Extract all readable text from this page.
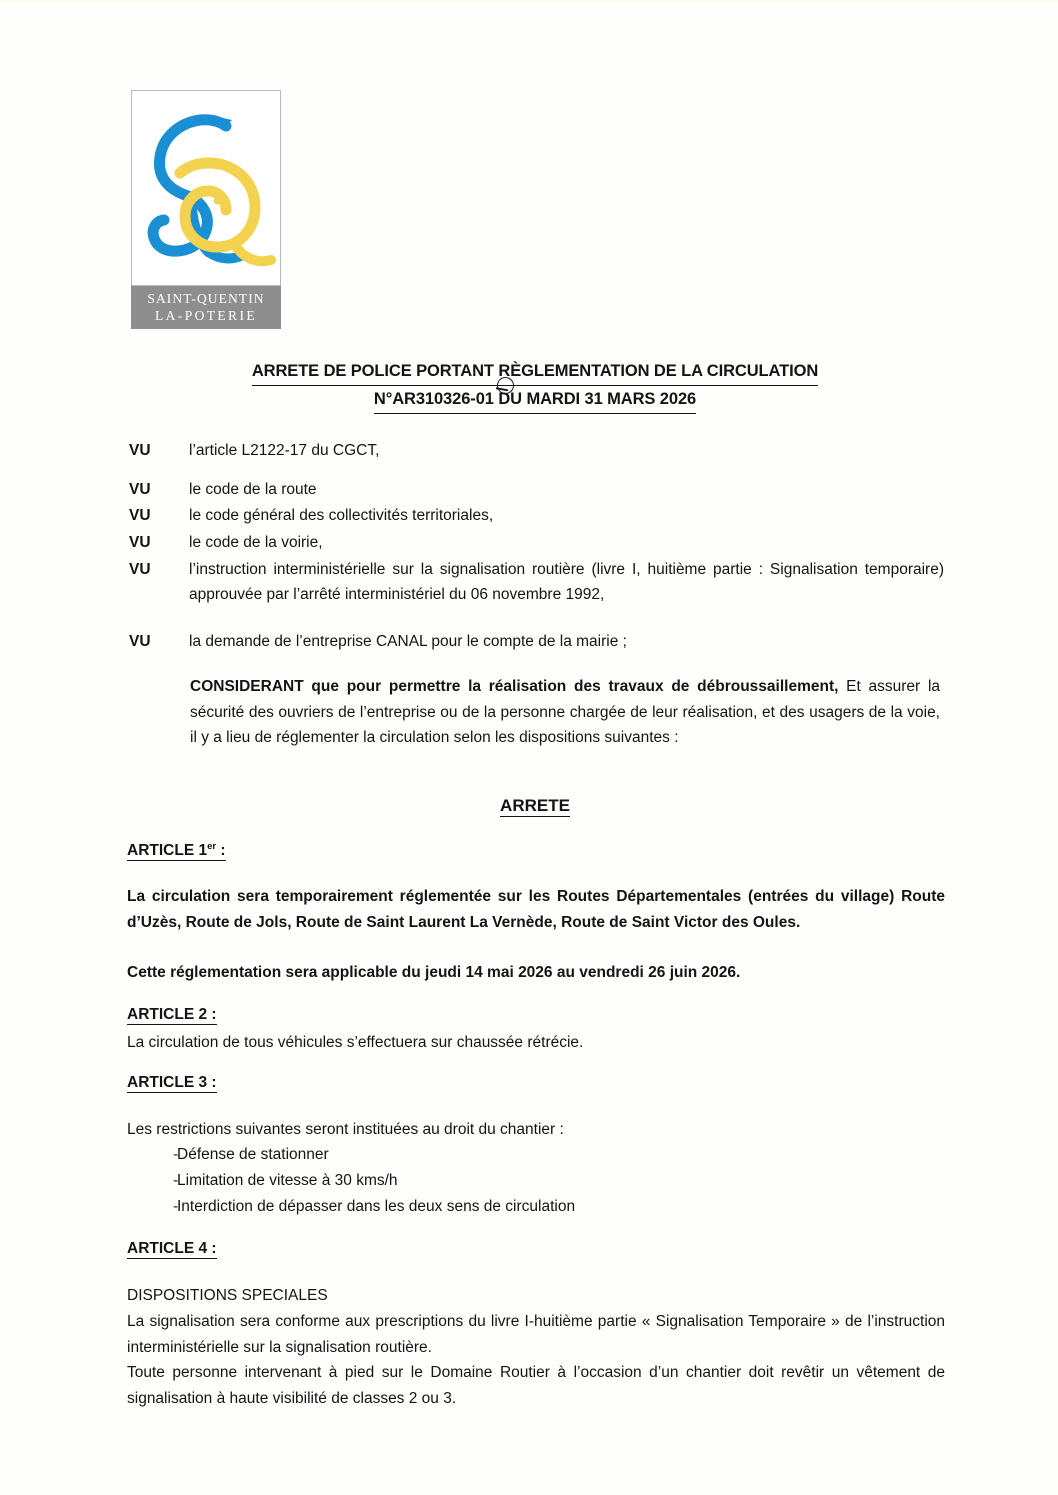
SAINT-QUENTIN
LA-POTERIE
ARRETE DE POLICE PORTANT RÈGLEMENTATION DE LA CIRCULATION
N°AR310326-01 DU MARDI 31 MARS 2026
VU	l’article L2122-17 du CGCT,
VU	le code de la route
VU	le code général des collectivités territoriales,
VU	le code de la voirie,
VU	l’instruction interministérielle sur la signalisation routière (livre I, huitième partie : Signalisation temporaire) approuvée par l’arrêté interministériel du 06 novembre 1992,
VU	la demande de l’entreprise CANAL pour le compte de la mairie ;
CONSIDERANT que pour permettre la réalisation des travaux de débroussaillement, Et assurer la sécurité des ouvriers de l’entreprise ou de la personne chargée de leur réalisation, et des usagers de la voie, il y a lieu de réglementer la circulation selon les dispositions suivantes :
ARRETE
ARTICLE 1er :
La circulation sera temporairement réglementée sur les Routes Départementales (entrées du village) Route d’Uzès, Route de Jols, Route de Saint Laurent La Vernède, Route de Saint Victor des Oules.
Cette réglementation sera applicable du jeudi 14 mai 2026 au vendredi 26 juin 2026.
ARTICLE 2 :
La circulation de tous véhicules s’effectuera sur chaussée rétrécie.
ARTICLE 3 :
Les restrictions suivantes seront instituées au droit du chantier :
-
Défense de stationner
-
Limitation de vitesse à 30 kms/h
-
Interdiction de dépasser dans les deux sens de circulation
ARTICLE 4 :
DISPOSITIONS SPECIALES
La signalisation sera conforme aux prescriptions du livre I-huitième partie « Signalisation Temporaire » de l’instruction interministérielle sur la signalisation routière.
Toute personne intervenant à pied sur le Domaine Routier à l’occasion d’un chantier doit revêtir un vêtement de signalisation à haute visibilité de classes 2 ou 3.
